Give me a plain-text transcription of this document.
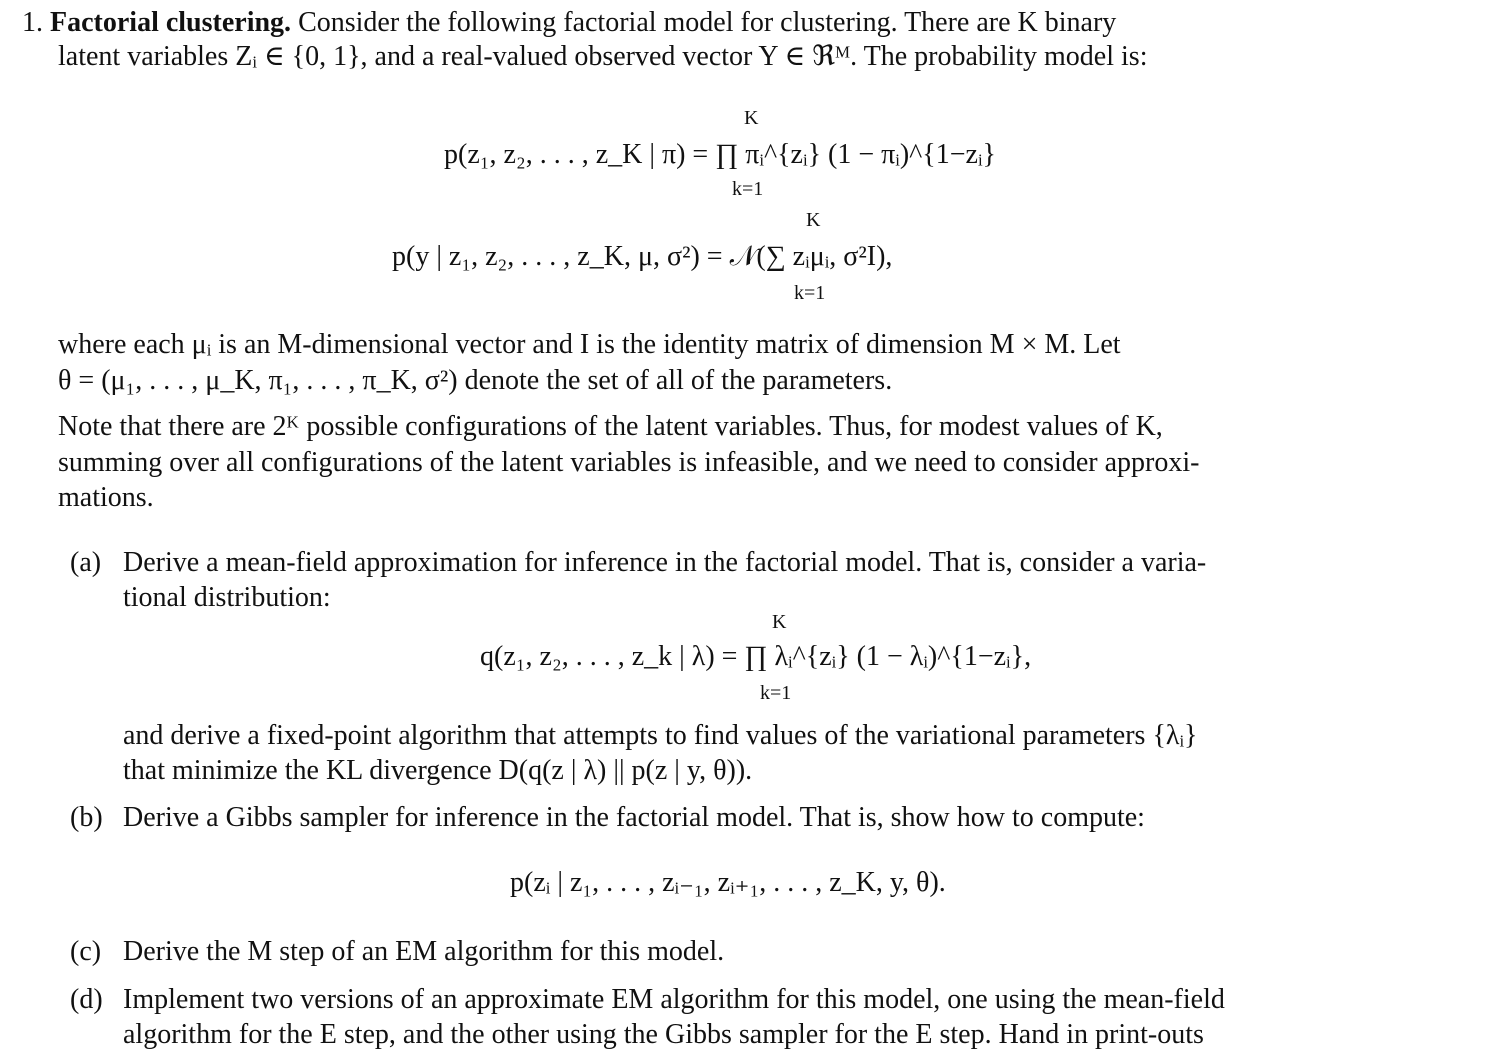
1. Factorial clustering. Consider the following factorial model for clustering. There are K binary
latent variables Zᵢ ∈ {0, 1}, and a real-valued observed vector Y ∈ ℜᴹ. The probability model is:
K
p(z₁, z₂, . . . , z_K | π) = ∏ πᵢ^{zᵢ} (1 − πᵢ)^{1−zᵢ}
k=1
K
p(y | z₁, z₂, . . . , z_K, μ, σ²) = 𝒩(∑ zᵢμᵢ, σ²I),
k=1
where each μᵢ is an M-dimensional vector and I is the identity matrix of dimension M × M. Let
θ = (μ₁, . . . , μ_K, π₁, . . . , π_K, σ²) denote the set of all of the parameters.
Note that there are 2ᴷ possible configurations of the latent variables. Thus, for modest values of K,
summing over all configurations of the latent variables is infeasible, and we need to consider approxi-
mations.
(a) Derive a mean-field approximation for inference in the factorial model. That is, consider a varia-
tional distribution:
K
q(z₁, z₂, . . . , z_k | λ) = ∏ λᵢ^{zᵢ} (1 − λᵢ)^{1−zᵢ},
k=1
and derive a fixed-point algorithm that attempts to find values of the variational parameters {λᵢ}
that minimize the KL divergence D(q(z | λ) || p(z | y, θ)).
(b) Derive a Gibbs sampler for inference in the factorial model. That is, show how to compute:
p(zᵢ | z₁, . . . , zᵢ₋₁, zᵢ₊₁, . . . , z_K, y, θ).
(c) Derive the M step of an EM algorithm for this model.
(d) Implement two versions of an approximate EM algorithm for this model, one using the mean-field
algorithm for the E step, and the other using the Gibbs sampler for the E step. Hand in print-outs
